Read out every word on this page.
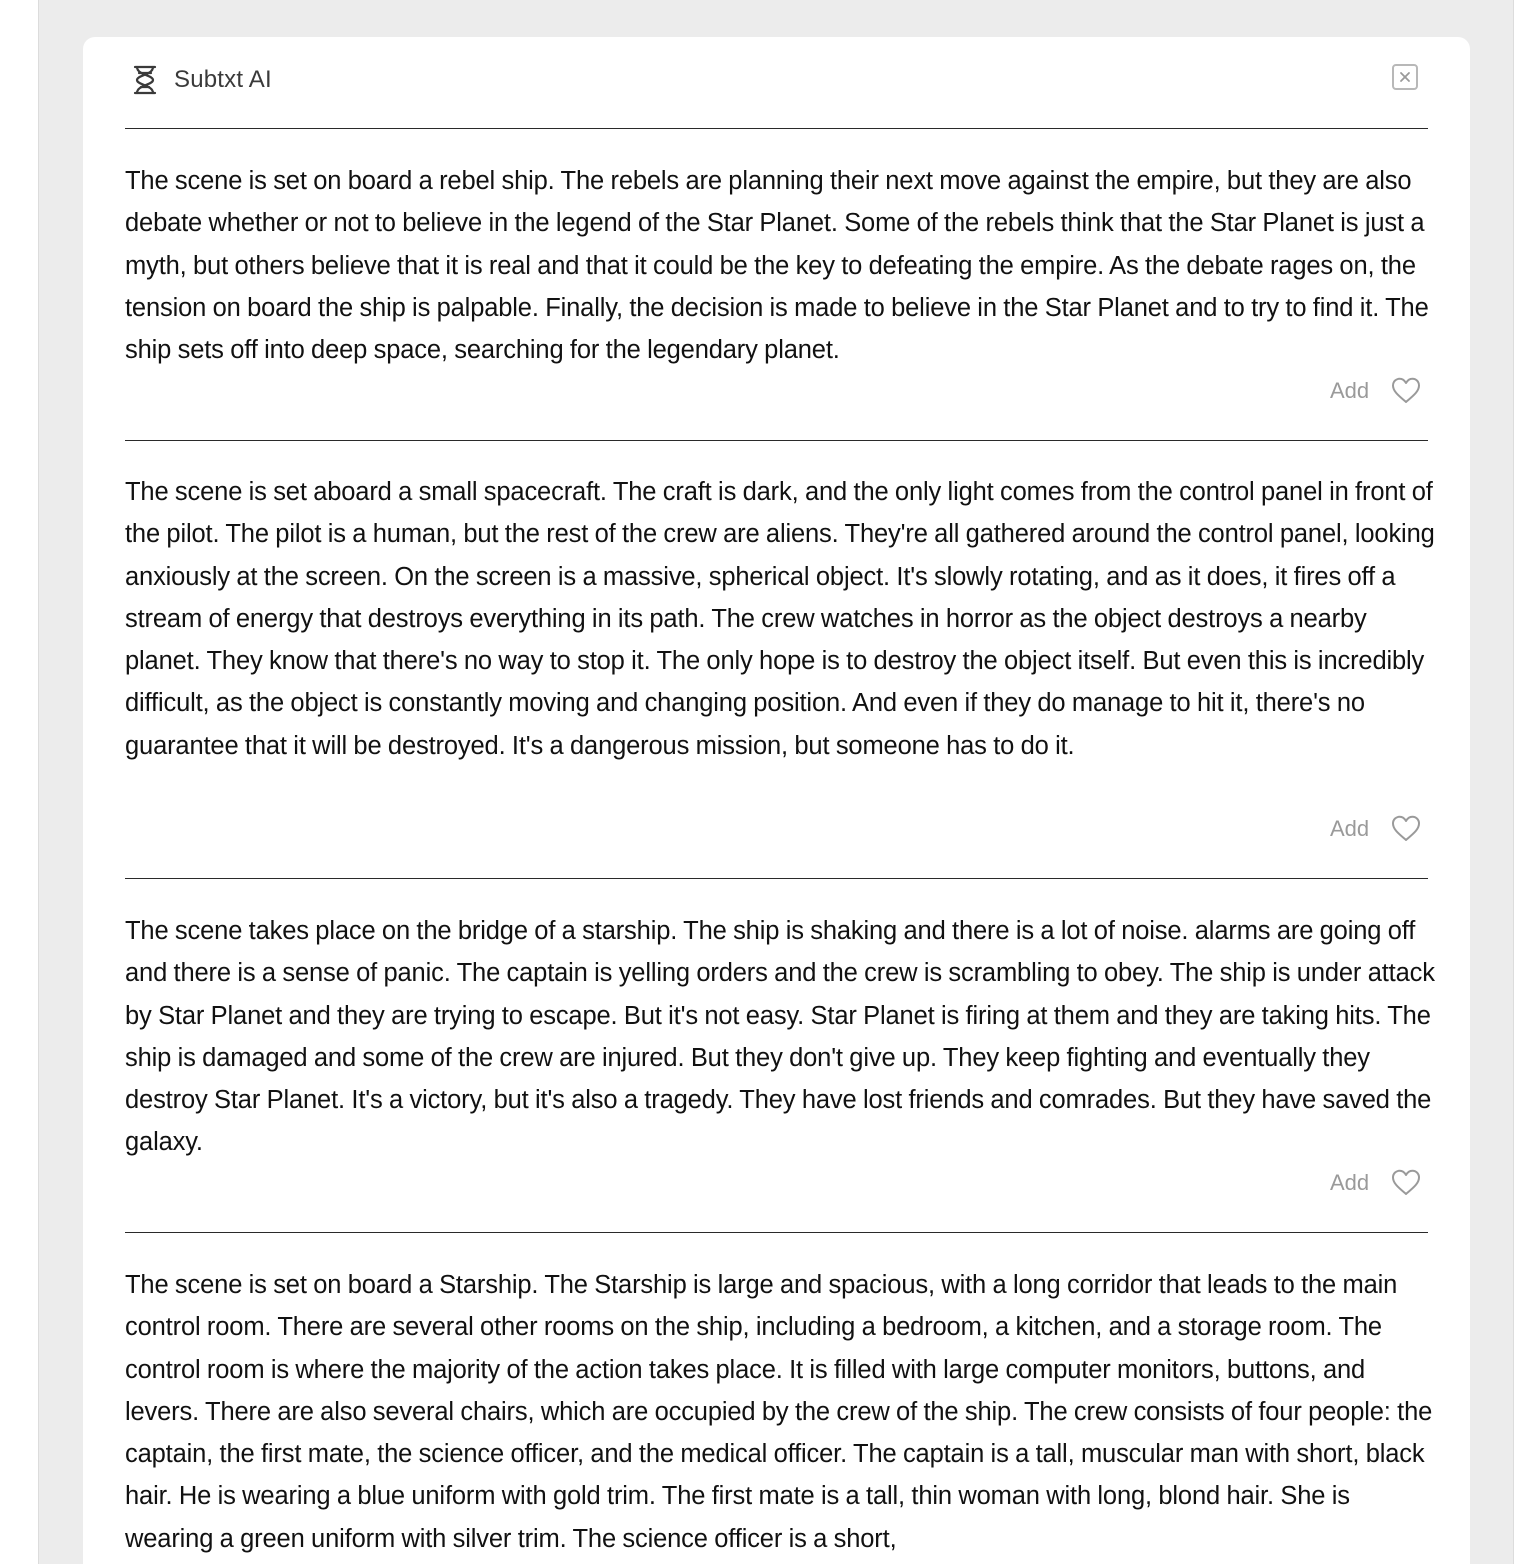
Subtxt AI

The scene is set on board a rebel ship. The rebels are planning their next move against the empire, but they are also debate whether or not to believe in the legend of the Star Planet. Some of the rebels think that the Star Planet is just a myth, but others believe that it is real and that it could be the key to defeating the empire. As the debate rages on, the tension on board the ship is palpable. Finally, the decision is made to believe in the Star Planet and to try to find it. The ship sets off into deep space, searching for the legendary planet.

Add

The scene is set aboard a small spacecraft. The craft is dark, and the only light comes from the control panel in front of the pilot. The pilot is a human, but the rest of the crew are aliens. They're all gathered around the control panel, looking anxiously at the screen. On the screen is a massive, spherical object. It's slowly rotating, and as it does, it fires off a stream of energy that destroys everything in its path. The crew watches in horror as the object destroys a nearby planet. They know that there's no way to stop it. The only hope is to destroy the object itself. But even this is incredibly difficult, as the object is constantly moving and changing position. And even if they do manage to hit it, there's no guarantee that it will be destroyed. It's a dangerous mission, but someone has to do it.

Add

The scene takes place on the bridge of a starship. The ship is shaking and there is a lot of noise. alarms are going off and there is a sense of panic. The captain is yelling orders and the crew is scrambling to obey. The ship is under attack by Star Planet and they are trying to escape. But it's not easy. Star Planet is firing at them and they are taking hits. The ship is damaged and some of the crew are injured. But they don't give up. They keep fighting and eventually they destroy Star Planet. It's a victory, but it's also a tragedy. They have lost friends and comrades. But they have saved the galaxy.

Add

The scene is set on board a Starship. The Starship is large and spacious, with a long corridor that leads to the main control room. There are several other rooms on the ship, including a bedroom, a kitchen, and a storage room. The control room is where the majority of the action takes place. It is filled with large computer monitors, buttons, and levers. There are also several chairs, which are occupied by the crew of the ship. The crew consists of four people: the captain, the first mate, the science officer, and the medical officer. The captain is a tall, muscular man with short, black hair. He is wearing a blue uniform with gold trim. The first mate is a tall, thin woman with long, blond hair. She is wearing a green uniform with silver trim. The science officer is a short,
